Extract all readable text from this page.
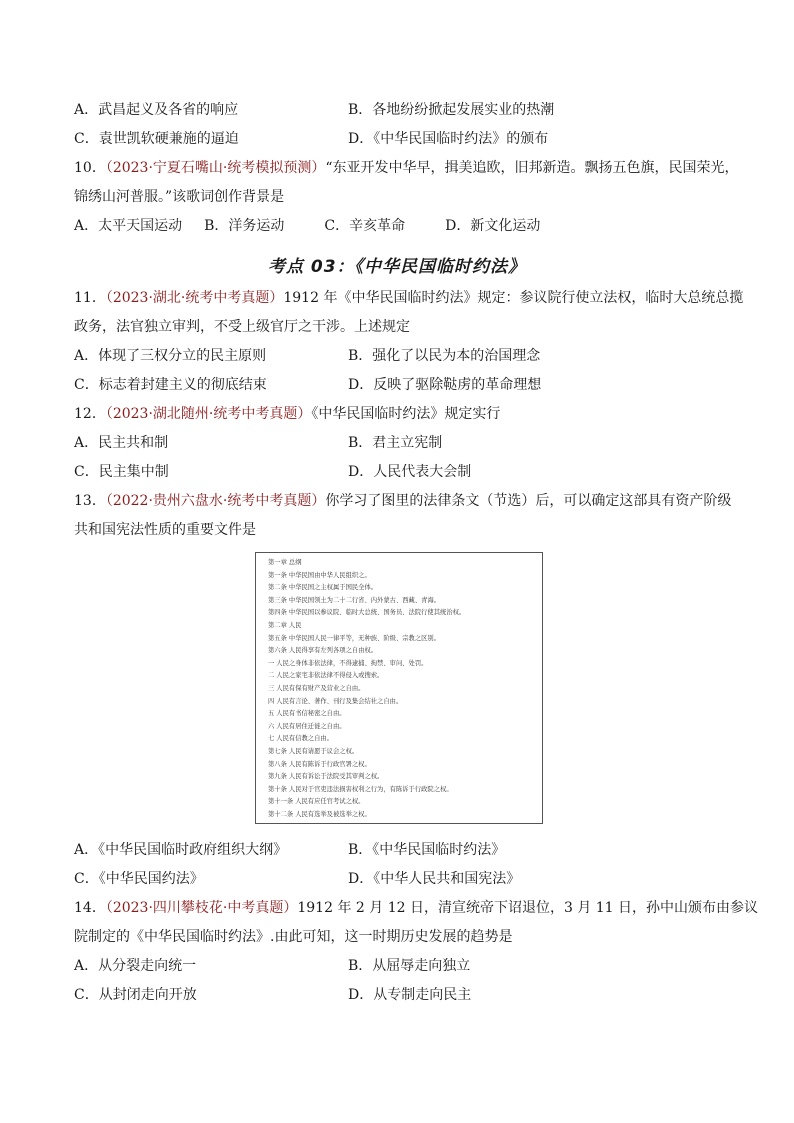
A．武昌起义及各省的响应	B．各地纷纷掀起发展实业的热潮
C．袁世凯软硬兼施的逼迫	D．《中华民国临时约法》的颁布
10．（2023·宁夏石嘴山·统考模拟预测）“东亚开发中华早，揖美追欧，旧邦新造。飘扬五色旗，民国荣光，
锦绣山河普服。”该歌词创作背景是
A．太平天国运动 B．洋务运动	C．辛亥革命	D．新文化运动
考点 03：《中华民国临时约法》
11．（2023·湖北·统考中考真题）1912 年《中华民国临时约法》规定：参议院行使立法权，临时大总统总揽
政务，法官独立审判，不受上级官厅之干涉。上述规定
A．体现了三权分立的民主原则	B．强化了以民为本的治国理念
C．标志着封建主义的彻底结束	D．反映了驱除鞑虏的革命理想
12．（2023·湖北随州·统考中考真题）《中华民国临时约法》规定实行
A．民主共和制	B．君主立宪制
C．民主集中制	D．人民代表大会制
13．（2022·贵州六盘水·统考中考真题）你学习了图里的法律条文（节选）后，可以确定这部具有资产阶级
共和国宪法性质的重要文件是
第一章 总纲
第一条 中华民国由中华人民组织之。
第二条 中华民国之主权属于国民全体。
第三条 中华民国领土为二十二行省、内外蒙古、西藏、青海。
第四条 中华民国以参议院、临时大总统、国务员、法院行使其统治权。
第二章 人民
第五条 中华民国人民一律平等，无种族、阶级、宗教之区别。
第六条 人民得享有左列各项之自由权。
一 人民之身体非依法律，不得逮捕、拘禁、审问、处罚。
二 人民之家宅非依法律不得侵入或搜索。
三 人民有保有财产及营业之自由。
四 人民有言论、著作、刊行及集会结社之自由。
五 人民有书信秘密之自由。
六 人民有居住迁徙之自由。
七 人民有信教之自由。
第七条 人民有请愿于议会之权。
第八条 人民有陈诉于行政官署之权。
第九条 人民有诉讼于法院受其审判之权。
第十条 人民对于官吏违法损害权利之行为，有陈诉于行政院之权。
第十一条 人民有应任官考试之权。
第十二条 人民有选举及被选举之权。
A．《中华民国临时政府组织大纲》	B．《中华民国临时约法》
C．《中华民国约法》	D．《中华人民共和国宪法》
14．（2023·四川攀枝花·中考真题）1912 年 2 月 12 日，清宣统帝下诏退位，3 月 11 日，孙中山颁布由参议
院制定的《中华民国临时约法》.由此可知，这一时期历史发展的趋势是
A．从分裂走向统一	B．从屈辱走向独立
C．从封闭走向开放	D．从专制走向民主
